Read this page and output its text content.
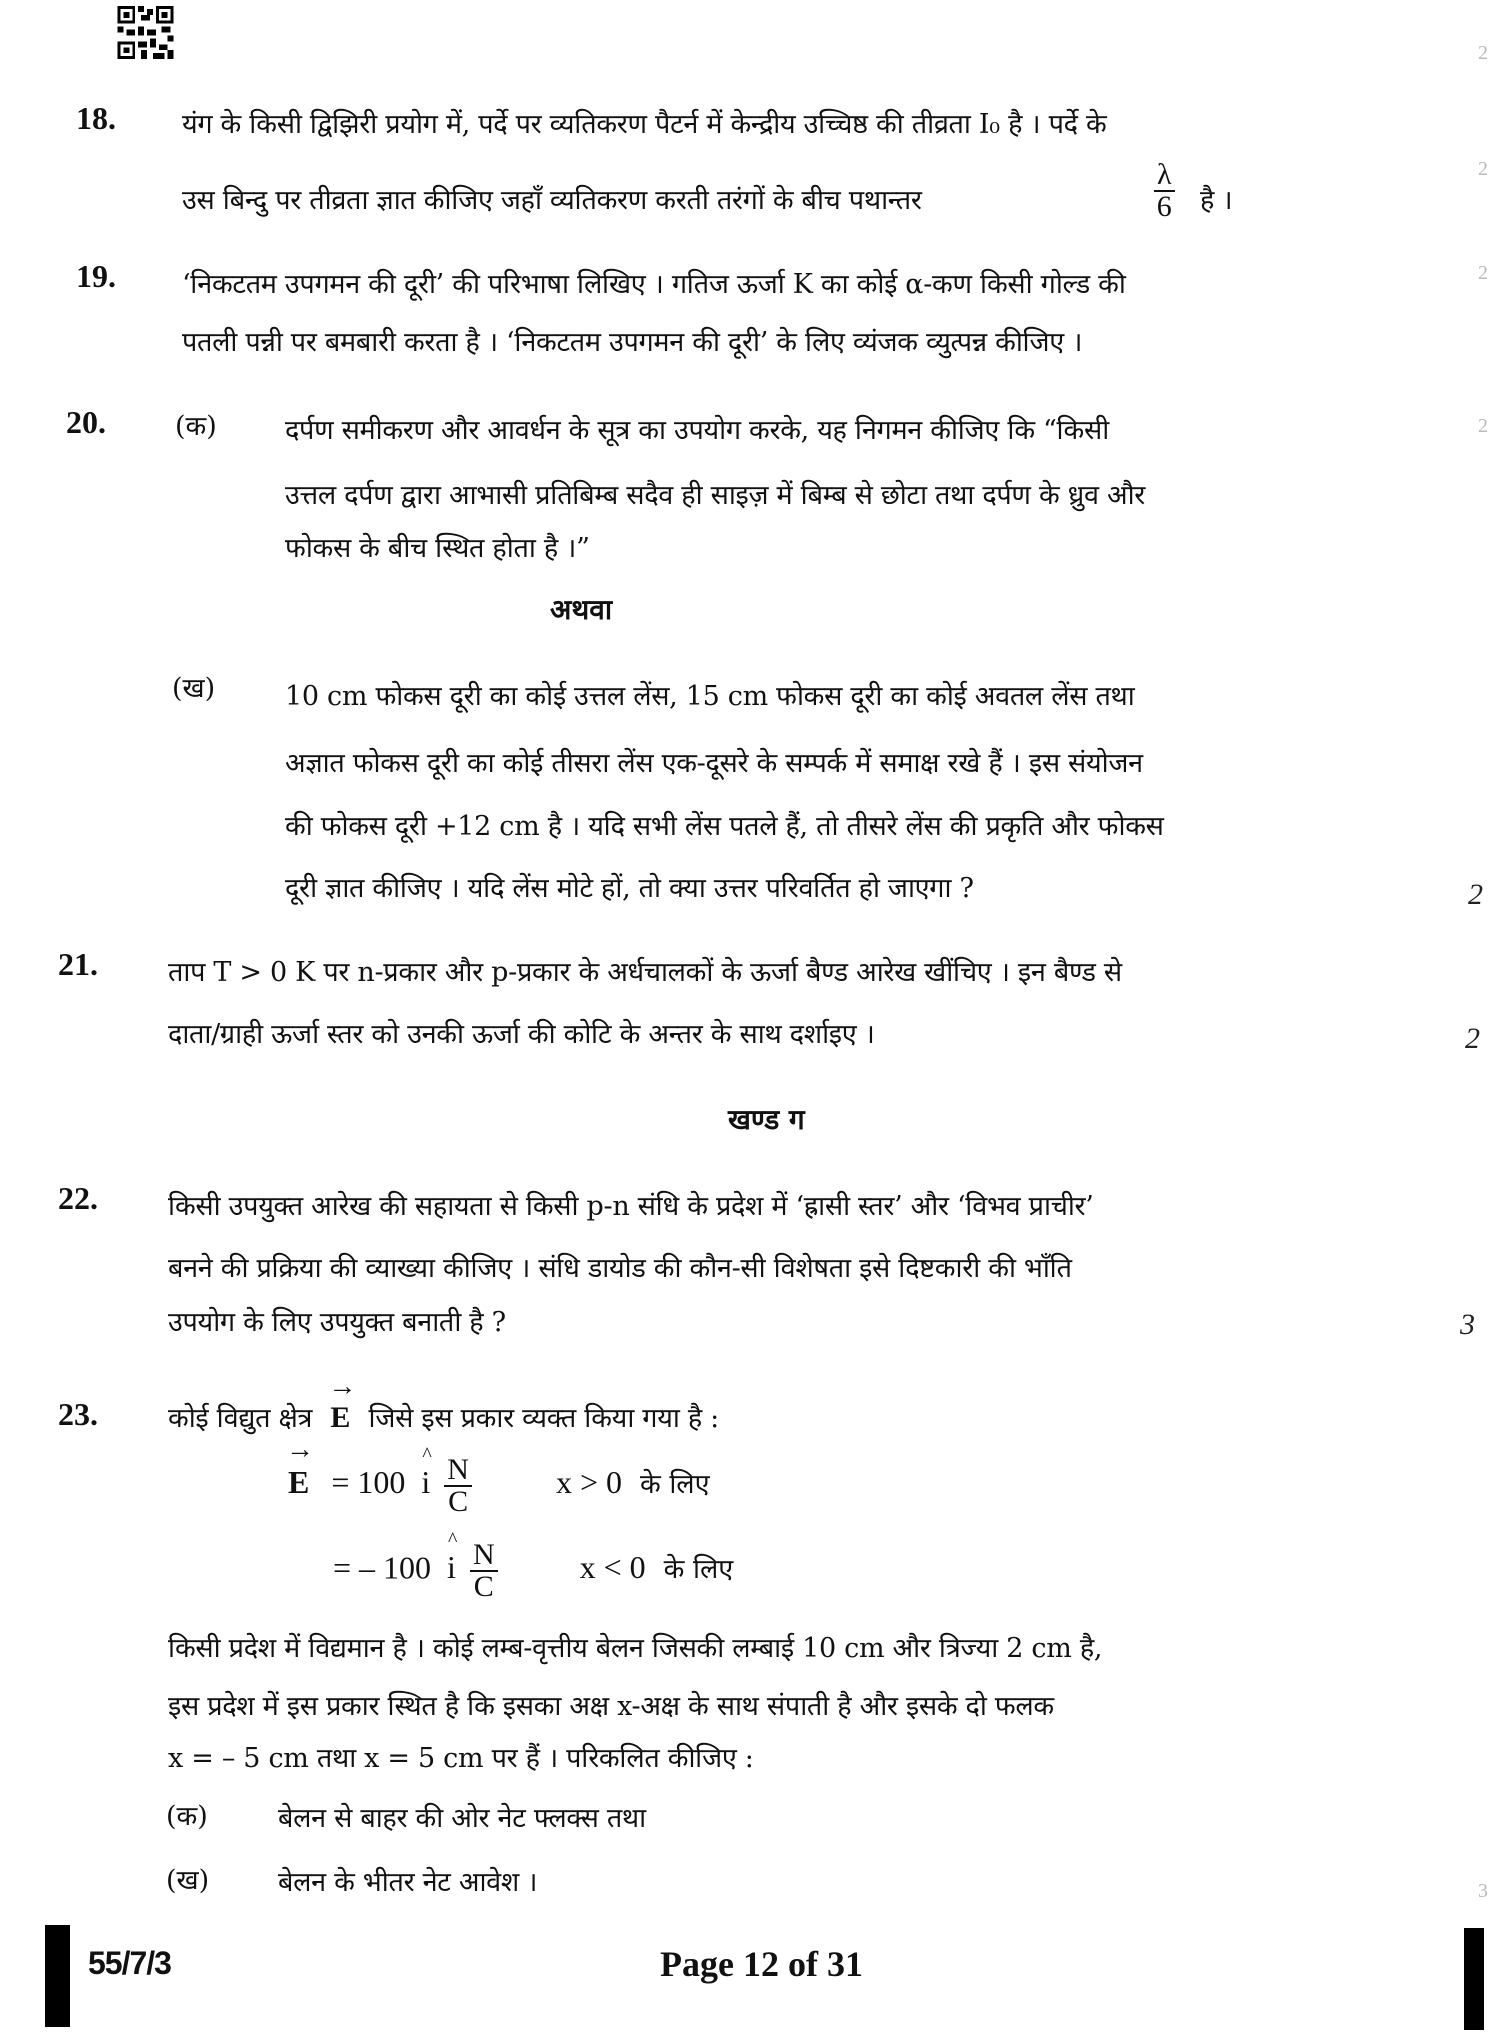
2
2
2
2
3
18. यंग के किसी द्विझिरी प्रयोग में, पर्दे पर व्यतिकरण पैटर्न में केन्द्रीय उच्चिष्ठ की तीव्रता I₀ है । पर्दे के
उस बिन्दु पर तीव्रता ज्ञात कीजिए जहाँ व्यतिकरण करती तरंगों के बीच पथान्तर	$\frac{\lambda}{6}$ है ।
19. ‘निकटतम उपगमन की दूरी’ की परिभाषा लिखिए । गतिज ऊर्जा K का कोई α-कण किसी गोल्ड की
पतली पन्नी पर बमबारी करता है । ‘निकटतम उपगमन की दूरी’ के लिए व्यंजक व्युत्पन्न कीजिए ।
20.	(क)	दर्पण समीकरण और आवर्धन के सूत्र का उपयोग करके, यह निगमन कीजिए कि “किसी
उत्तल दर्पण द्वारा आभासी प्रतिबिम्ब सदैव ही साइज़ में बिम्ब से छोटा तथा दर्पण के ध्रुव और
फोकस के बीच स्थित होता है ।”
अथवा
(ख)	10 cm फोकस दूरी का कोई उत्तल लेंस, 15 cm फोकस दूरी का कोई अवतल लेंस तथा
अज्ञात फोकस दूरी का कोई तीसरा लेंस एक-दूसरे के सम्पर्क में समाक्ष रखे हैं । इस संयोजन
की फोकस दूरी +12 cm है । यदि सभी लेंस पतले हैं, तो तीसरे लेंस की प्रकृति और फोकस
दूरी ज्ञात कीजिए । यदि लेंस मोटे हों, तो क्या उत्तर परिवर्तित हो जाएगा ?	2
21.	ताप T > 0 K पर n-प्रकार और p-प्रकार के अर्धचालकों के ऊर्जा बैण्ड आरेख खींचिए । इन बैण्ड से
दाता/ग्राही ऊर्जा स्तर को उनकी ऊर्जा की कोटि के अन्तर के साथ दर्शाइए ।	2
खण्ड ग
22.	किसी उपयुक्त आरेख की सहायता से किसी p-n संधि के प्रदेश में ‘ह्रासी स्तर’ और ‘विभव प्राचीर’
बनने की प्रक्रिया की व्याख्या कीजिए । संधि डायोड की कौन-सी विशेषता इसे दिष्टकारी की भाँति
उपयोग के लिए उपयुक्त बनाती है ?	3
23.	कोई विद्युत क्षेत्र → E जिसे इस प्रकार व्यक्त किया गया है :
→ E = 100 ^ i $\frac{N}{C}$	x > 0 के लिए
= – 100 ^ i $\frac{N}{C}$	x < 0 के लिए
किसी प्रदेश में विद्यमान है । कोई लम्ब-वृत्तीय बेलन जिसकी लम्बाई 10 cm और त्रिज्या 2 cm है,
इस प्रदेश में इस प्रकार स्थित है कि इसका अक्ष x-अक्ष के साथ संपाती है और इसके दो फलक
x = – 5 cm तथा x = 5 cm पर हैं । परिकलित कीजिए :
(क)	बेलन से बाहर की ओर नेट फ्लक्स तथा
(ख)	बेलन के भीतर नेट आवेश ।
55/7/3	Page 12 of 31
